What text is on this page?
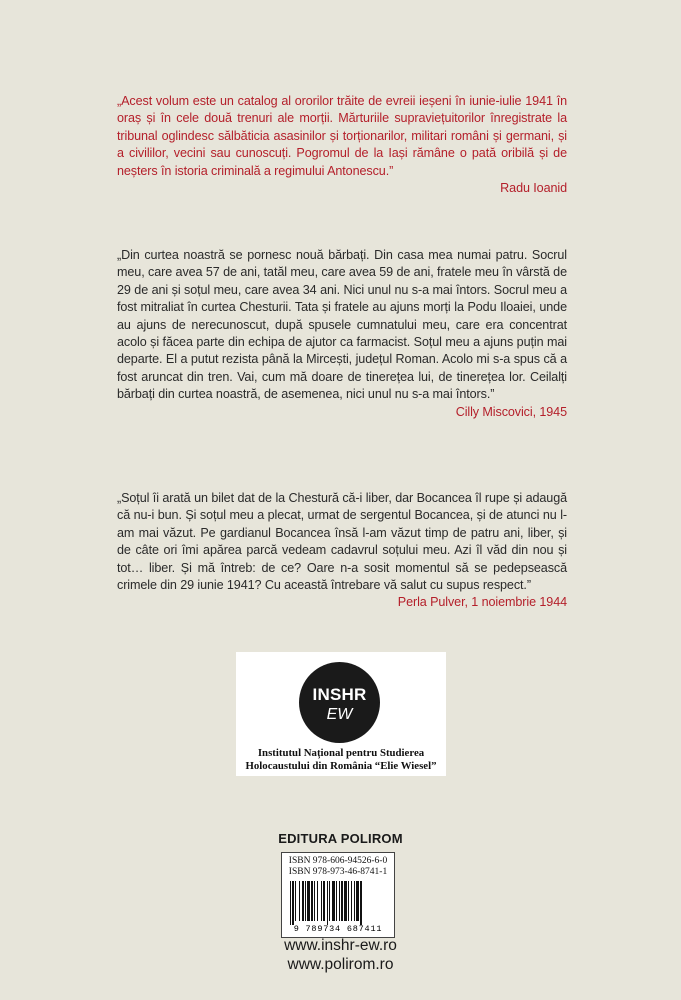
„Acest volum este un catalog al ororilor trăite de evreii ieșeni în iunie-iulie 1941 în oraș și în cele două trenuri ale morții. Mărturiile supraviețuitorilor înregistrate la tribunal oglindesc sălbăticia asasinilor și torționarilor, militari români și germani, și a civililor, vecini sau cunoscuți. Pogromul de la Iași rămâne o pată oribilă și de neșters în istoria criminală a regimului Antonescu.”

Radu Ioanid

„Din curtea noastră se pornesc nouă bărbați. Din casa mea numai patru. Socrul meu, care avea 57 de ani, tatăl meu, care avea 59 de ani, fratele meu în vârstă de 29 de ani și soțul meu, care avea 34 ani. Nici unul nu s-a mai întors. Socrul meu a fost mitraliat în curtea Chesturii. Tata și fratele au ajuns morți la Podu Iloaiei, unde au ajuns de nerecunoscut, după spusele cumnatului meu, care era concentrat acolo și făcea parte din echipa de ajutor ca farmacist. Soțul meu a ajuns puțin mai departe. El a putut rezista până la Mircești, județul Roman. Acolo mi s-a spus că a fost aruncat din tren. Vai, cum mă doare de tinerețea lui, de tinerețea lor. Ceilalți bărbați din curtea noastră, de asemenea, nici unul nu s-a mai întors.”

Cilly Miscovici, 1945

„Soțul îi arată un bilet dat de la Chestură că-i liber, dar Bocancea îl rupe și adaugă că nu-i bun. Și soțul meu a plecat, urmat de sergentul Bocancea, și de atunci nu l-am mai văzut. Pe gardianul Bocancea însă l-am văzut timp de patru ani, liber, și de câte ori îmi apărea parcă vedeam cadavrul soțului meu. Azi îl văd din nou și tot… liber. Și mă întreb: de ce? Oare n-a sosit momentul să se pedepsească crimele din 29 iunie 1941? Cu această întrebare vă salut cu supus respect.”

Perla Pulver, 1 noiembrie 1944

INSHR
EW
Institutul Național pentru Studierea
Holocaustului din România “Elie Wiesel”
EDITURA POLIROM
ISBN 978-606-94526-6-0
ISBN 978-973-46-8741-1
9 789734 687411
www.inshr-ew.ro
www.polirom.ro
